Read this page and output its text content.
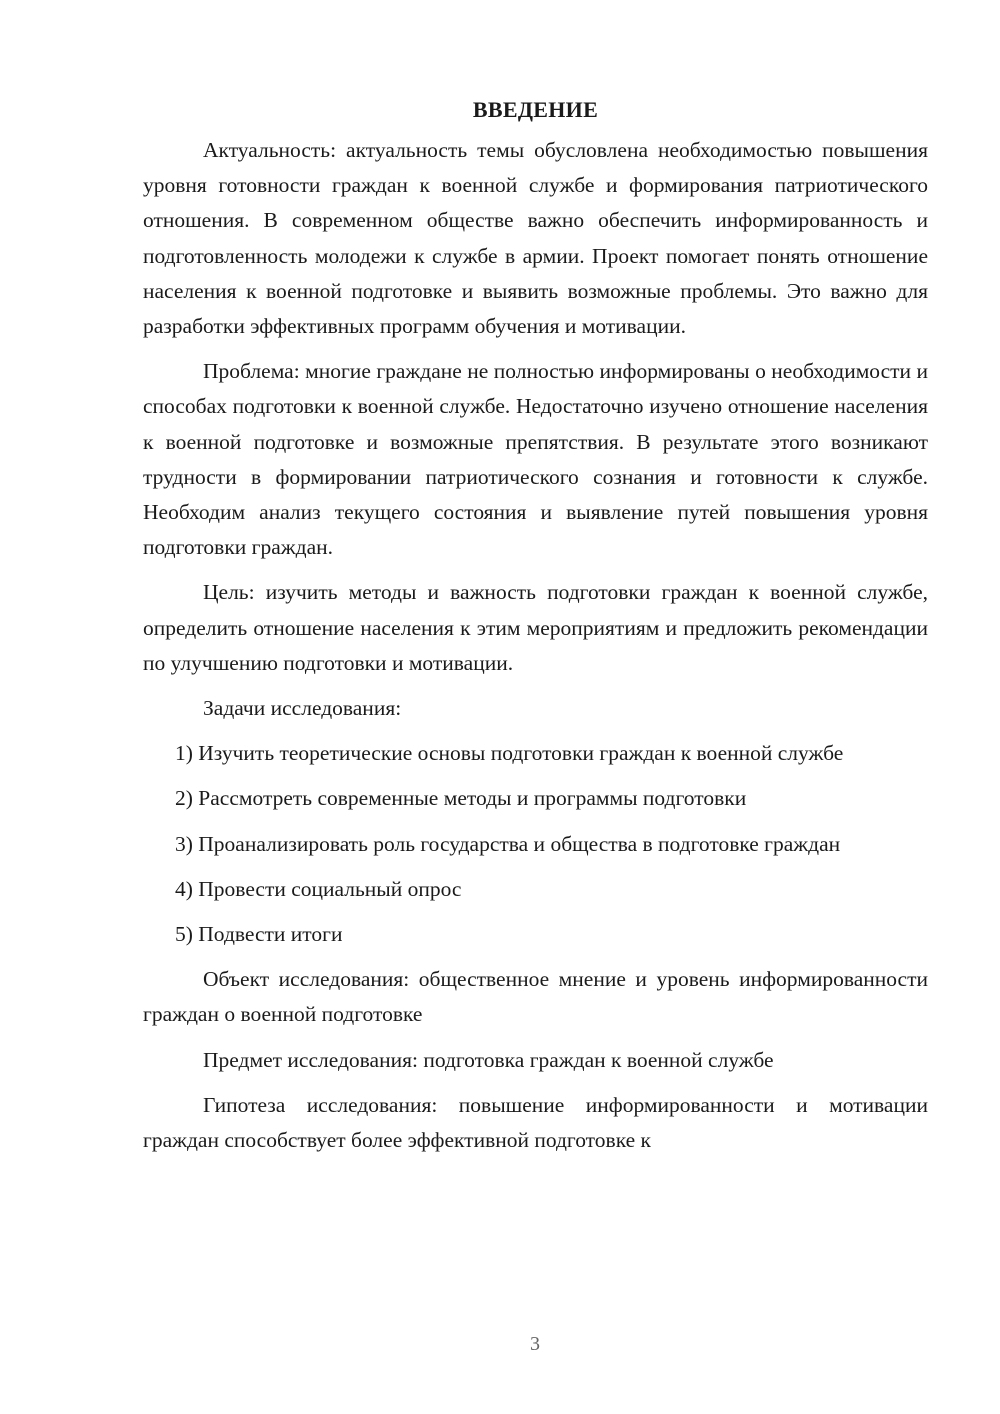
ВВЕДЕНИЕ

Актуальность: актуальность темы обусловлена необходимостью повышения уровня готовности граждан к военной службе и формирования патриотического отношения. В современном обществе важно обеспечить информированность и подготовленность молодежи к службе в армии. Проект помогает понять отношение населения к военной подготовке и выявить возможные проблемы. Это важно для разработки эффективных программ обучения и мотивации.

Проблема: многие граждане не полностью информированы о необходимости и способах подготовки к военной службе. Недостаточно изучено отношение населения к военной подготовке и возможные препятствия. В результате этого возникают трудности в формировании патриотического сознания и готовности к службе. Необходим анализ текущего состояния и выявление путей повышения уровня подготовки граждан.

Цель: изучить методы и важность подготовки граждан к военной службе, определить отношение населения к этим мероприятиям и предложить рекомендации по улучшению подготовки и мотивации.

Задачи исследования:

1) Изучить теоретические основы подготовки граждан к военной службе

2) Рассмотреть современные методы и программы подготовки

3) Проанализировать роль государства и общества в подготовке граждан

4) Провести социальный опрос

5) Подвести итоги

Объект исследования: общественное мнение и уровень информированности граждан о военной подготовке

Предмет исследования: подготовка граждан к военной службе

Гипотеза исследования: повышение информированности и мотивации граждан способствует более эффективной подготовке к

3
